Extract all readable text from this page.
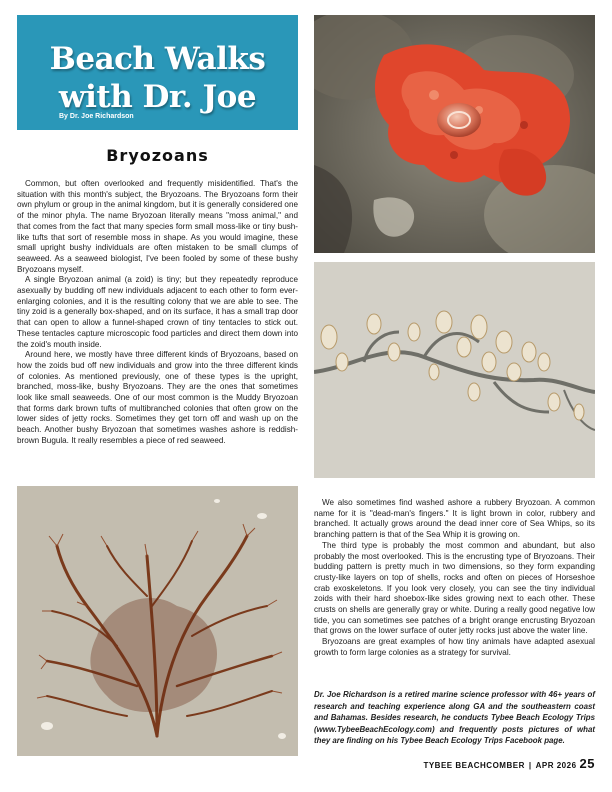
Beach Walks
with Dr. Joe
By Dr. Joe Richardson
Bryozoans

Common, but often overlooked and frequently misidentified. That's the situation with this month's subject, the Bryozoans. The Bryozoans form their own phylum or group in the animal kingdom, but it is generally considered one of the minor phyla. The name Bryozoan literally means "moss animal," and that comes from the fact that many species form small moss-like or tiny bush-like tufts that sort of resemble moss in shape. As you would imagine, these small upright bushy individuals are often mistaken to be small clumps of seaweed. As a seaweed biologist, I've been fooled by some of these bushy Bryozoans myself.

A single Bryozoan animal (a zoid) is tiny; but they repeatedly reproduce asexually by budding off new individuals adjacent to each other to form ever-enlarging colonies, and it is the resulting colony that we are able to see. The tiny zoid is a generally box-shaped, and on its surface, it has a small trap door that can open to allow a funnel-shaped crown of tiny tentacles to stick out. These tentacles capture microscopic food particles and direct them down into the zoid's mouth inside.

Around here, we mostly have three different kinds of Bryozoans, based on how the zoids bud off new individuals and grow into the three different kinds of colonies. As mentioned previously, one of these types is the upright, branched, moss-like, bushy Bryozoans. They are the ones that sometimes look like small seaweeds. One of our most common is the Muddy Bryozoan that forms dark brown tufts of multibranched colonies that often grow on the lower sides of jetty rocks. Sometimes they get torn off and wash up on the beach. Another bushy Bryozoan that sometimes washes ashore is reddish-brown Bugula. It really resembles a piece of red seaweed.

We also sometimes find washed ashore a rubbery Bryozoan. A common name for it is "dead-man's fingers." It is light brown in color, rubbery and branched. It actually grows around the dead inner core of Sea Whips, so its branching pattern is that of the Sea Whip it is growing on.

The third type is probably the most common and abundant, but also probably the most overlooked. This is the encrusting type of Bryozoans. Their budding pattern is pretty much in two dimensions, so they form expanding crusty-like layers on top of shells, rocks and often on pieces of Horseshoe crab exoskeletons. If you look very closely, you can see the tiny individual zoids with their hard shoebox-like sides growing next to each other. These crusts on shells are generally gray or white. During a really good negative low tide, you can sometimes see patches of a bright orange encrusting Bryozoan that grows on the lower surface of outer jetty rocks just above the water line.

Bryozoans are great examples of how tiny animals have adapted asexual growth to form large colonies as a strategy for survival.

Dr. Joe Richardson is a retired marine science professor with 46+ years of research and teaching experience along GA and the southeastern coast and Bahamas. Besides research, he conducts Tybee Beach Ecology Trips (www.TybeeBeachEcology.com) and frequently posts pictures of what they are finding on his Tybee Beach Ecology Trips Facebook page.
TYBEE BEACHCOMBER | APR 2026 25
